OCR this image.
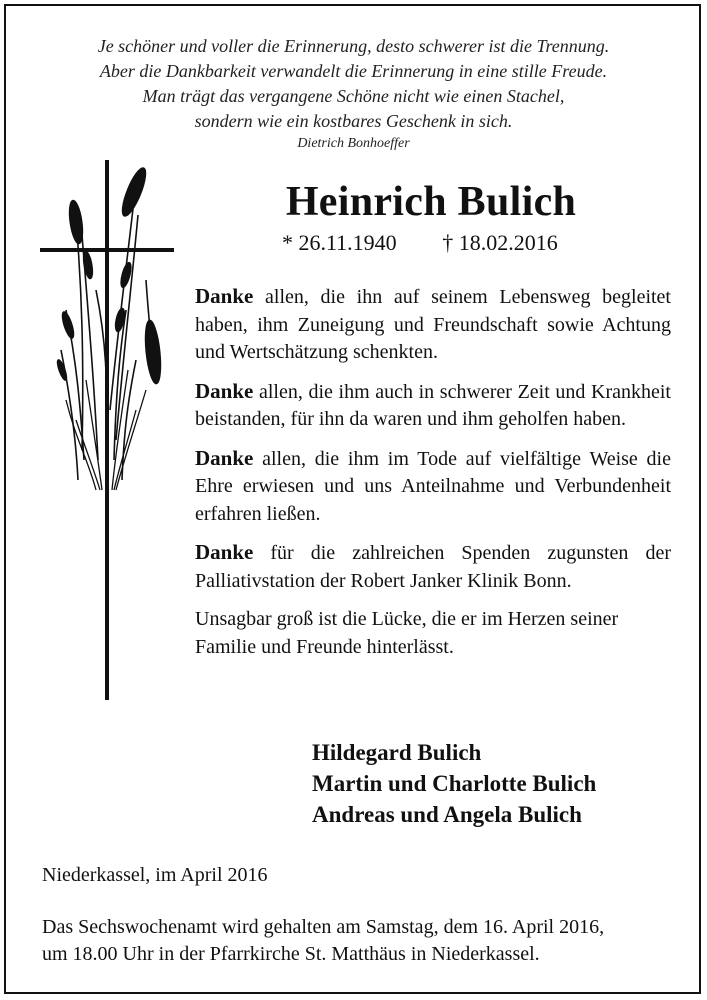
Je schöner und voller die Erinnerung, desto schwerer ist die Trennung.
Aber die Dankbarkeit verwandelt die Erinnerung in eine stille Freude.
Man trägt das vergangene Schöne nicht wie einen Stachel,
sondern wie ein kostbares Geschenk in sich.
Dietrich Bonhoeffer
Heinrich Bulich
* 26.11.1940 † 18.02.2016

Danke allen, die ihn auf seinem Lebensweg begleitet haben, ihm Zuneigung und Freundschaft sowie Achtung und Wertschätzung schenkten.

Danke allen, die ihm auch in schwerer Zeit und Krankheit beistanden, für ihn da waren und ihm geholfen haben.

Danke allen, die ihm im Tode auf vielfältige Weise die Ehre erwiesen und uns Anteilnahme und Verbundenheit erfahren ließen.

Danke für die zahlreichen Spenden zugunsten der Palliativstation der Robert Janker Klinik Bonn.

Unsagbar groß ist die Lücke, die er im Herzen seiner Familie und Freunde hinterlässt.

Hildegard Bulich
Martin und Charlotte Bulich
Andreas und Angela Bulich
Niederkassel, im April 2016
Das Sechswochenamt wird gehalten am Samstag, dem 16. April 2016,
um 18.00 Uhr in der Pfarrkirche St. Matthäus in Niederkassel.
